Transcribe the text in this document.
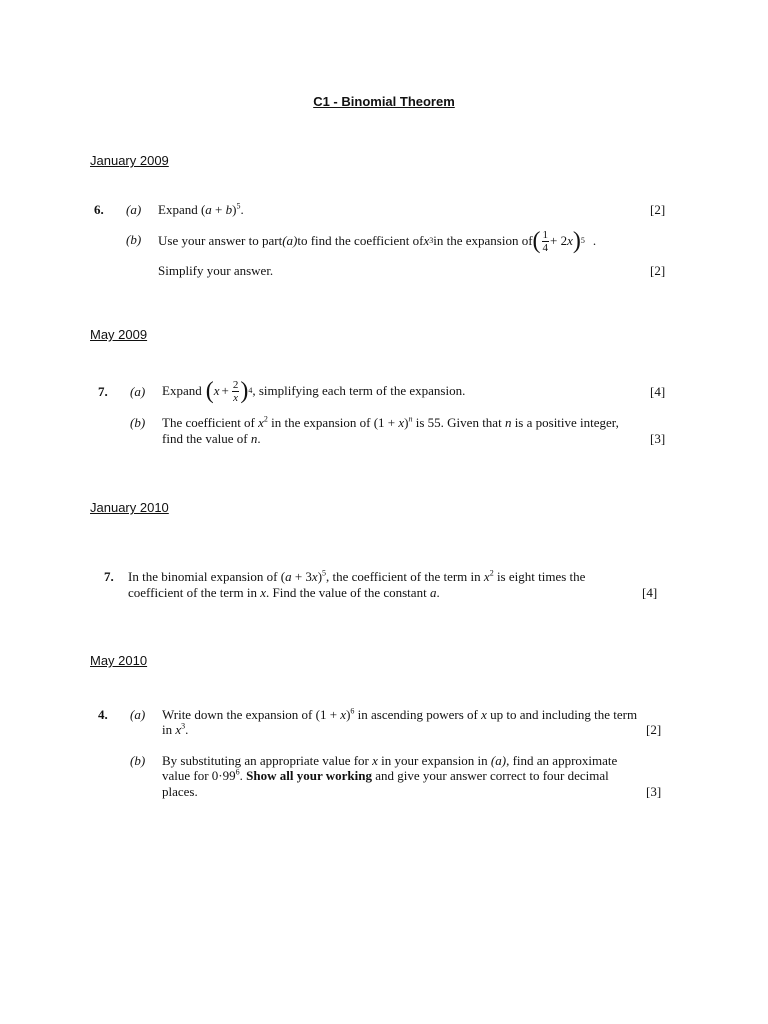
C1 - Binomial Theorem
January 2009
6. (a) Expand $(a + b)^5$.	[2]
(b) Use your answer to part (a) to find the coefficient of x 3 in the expansion of ( $\frac{1}{4} + 2$ x ) 5 .
Simplify your answer.	[2]
May 2009
7. (a) Expand ( $x + \frac{2}{x}$ ) 4 , simplifying each term of the expansion.	[4]
(b) The coefficient of $x^2$ in the expansion of $(1 + x)^n$ is 55. Given that n is a positive integer,
find the value of n.	[3]
January 2010
7. In the binomial expansion of $(a + 3x)^5$, the coefficient of the term in $x^2$ is eight times the
coefficient of the term in x. Find the value of the constant a.	[4]
May 2010
4. (a) Write down the expansion of $(1 + x)^6$ in ascending powers of x up to and including the term
in $x^3$.	[2]
(b) By substituting an appropriate value for x in your expansion in (a), find an approximate
value for $0\cdot 99^6$. Show all your working and give your answer correct to four decimal
places.	[3]
